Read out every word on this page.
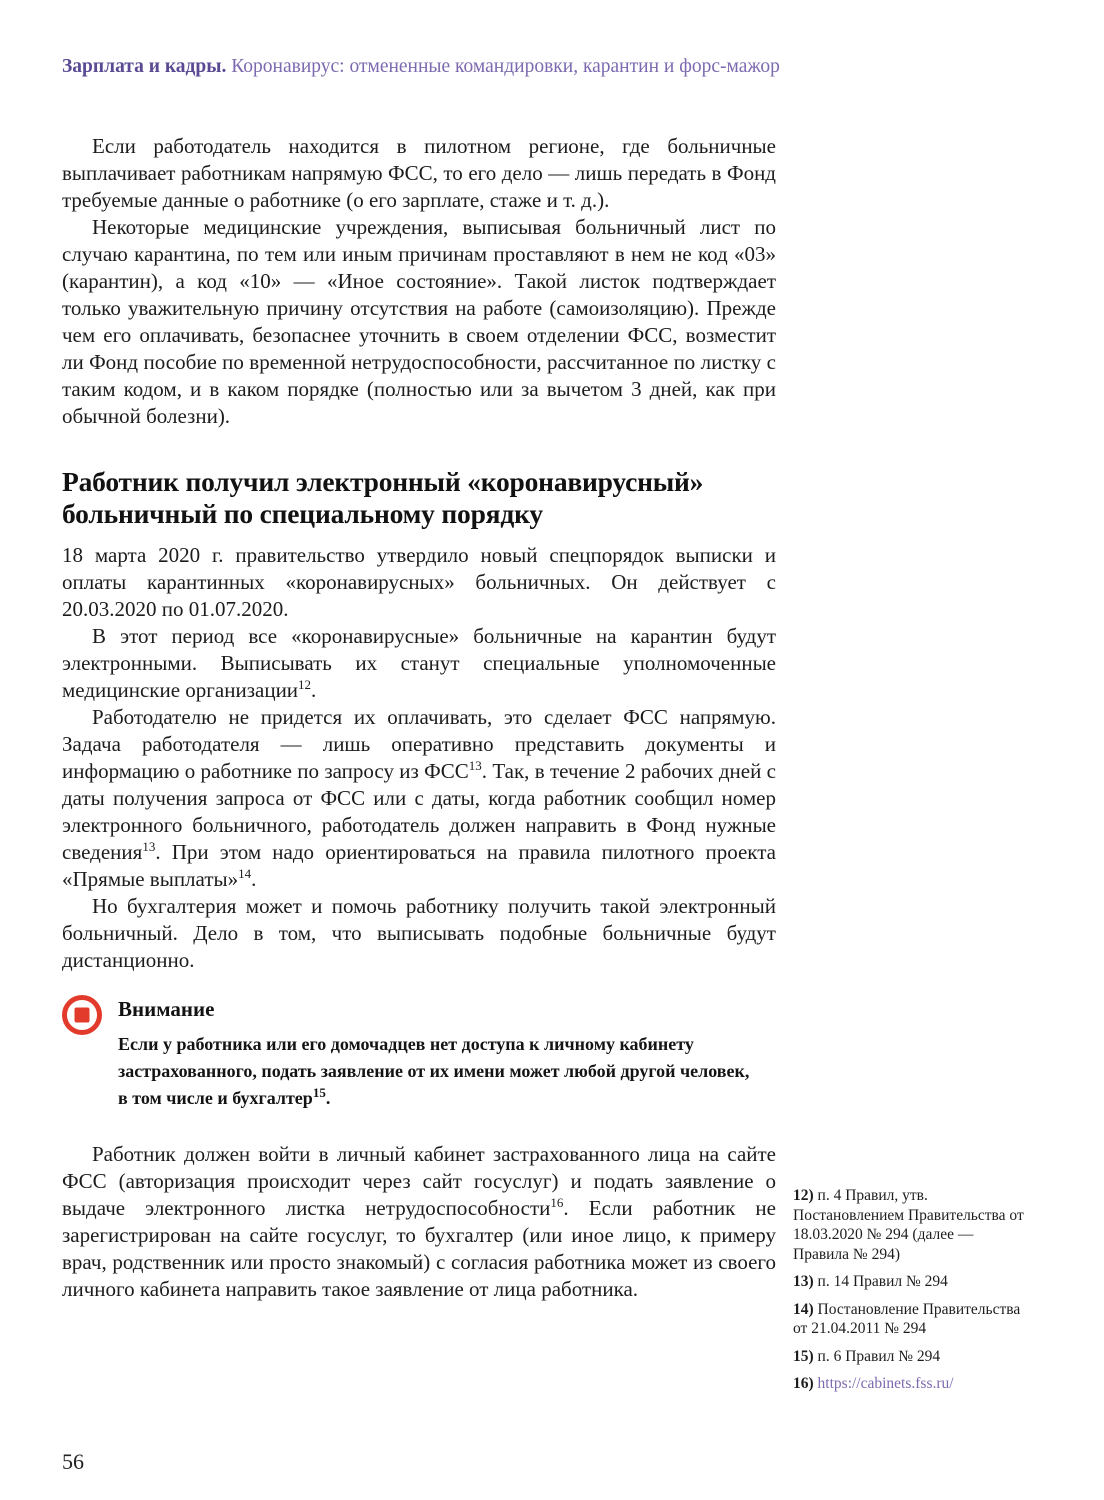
Зарплата и кадры. Коронавирус: отмененные командировки, карантин и форс-мажор

Если работодатель находится в пилотном регионе, где больничные выплачивает работникам напрямую ФСС, то его дело — лишь передать в Фонд требуемые данные о работнике (о его зарплате, стаже и т. д.).

Некоторые медицинские учреждения, выписывая больничный лист по случаю карантина, по тем или иным причинам проставляют в нем не код «03» (карантин), а код «10» — «Иное состояние». Такой листок подтверждает только уважительную причину отсутствия на работе (самоизоляцию). Прежде чем его оплачивать, безопаснее уточнить в своем отделении ФСС, возместит ли Фонд пособие по временной нетрудоспособности, рассчитанное по листку с таким кодом, и в каком порядке (полностью или за вычетом 3 дней, как при обычной болезни).

Работник получил электронный «коронавирусный» больничный по специальному порядку

18 марта 2020 г. правительство утвердило новый спецпорядок выписки и оплаты карантинных «коронавирусных» больничных. Он действует с 20.03.2020 по 01.07.2020.

В этот период все «коронавирусные» больничные на карантин будут электронными. Выписывать их станут специальные уполномоченные медицинские организации$^{12}$.

Работодателю не придется их оплачивать, это сделает ФСС напрямую. Задача работодателя — лишь оперативно представить документы и информацию о работнике по запросу из ФСС$^{13}$. Так, в течение 2 рабочих дней с даты получения запроса от ФСС или с даты, когда работник сообщил номер электронного больничного, работодатель должен направить в Фонд нужные сведения$^{13}$. При этом надо ориентироваться на правила пилотного проекта «Прямые выплаты»$^{14}$.

Но бухгалтерия может и помочь работнику получить такой электронный больничный. Дело в том, что выписывать подобные больничные будут дистанционно.

Внимание

Если у работника или его домочадцев нет доступа к личному кабинету застрахованного, подать заявление от их имени может любой другой человек, в том числе и бухгалтер$^{15}$.

Работник должен войти в личный кабинет застрахованного лица на сайте ФСС (авторизация происходит через сайт госуслуг) и подать заявление о выдаче электронного листка нетрудоспособности$^{16}$. Если работник не зарегистрирован на сайте госуслуг, то бухгалтер (или иное лицо, к примеру врач, родственник или просто знакомый) с согласия работника может из своего личного кабинета направить такое заявление от лица работника.

12) п. 4 Правил, утв. Постановлением Правительства от 18.03.2020 № 294 (далее — Правила № 294)
13) п. 14 Правил № 294
14) Постановление Правительства от 21.04.2011 № 294
15) п. 6 Правил № 294
16) https://cabinets.fss.ru/
56
